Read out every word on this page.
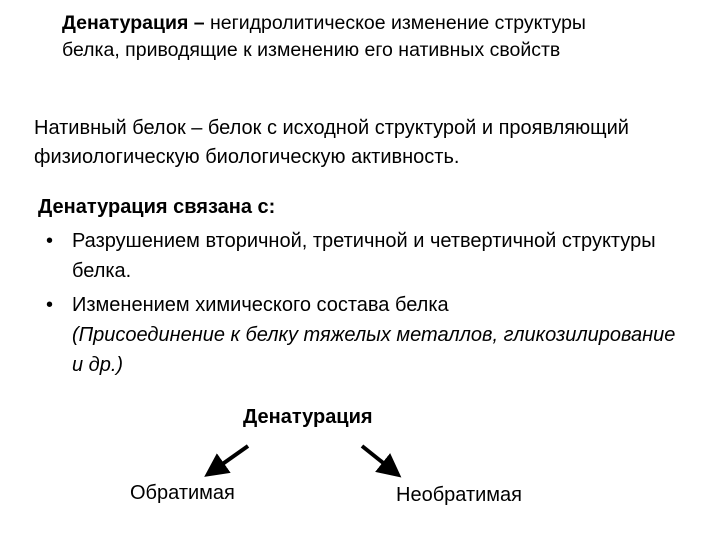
Денатурация – негидролитическое изменение структуры белка, приводящие к изменению его нативных свойств
Нативный белок – белок с исходной структурой и проявляющий физиологическую биологическую активность.
Денатурация связана с:
• Разрушением вторичной, третичной и четвертичной структуры белка.
• Изменением химического состава белка
(Присоединение к белку тяжелых металлов, гликозилирование и др.)
Денатурация
Обратимая	Необратимая
